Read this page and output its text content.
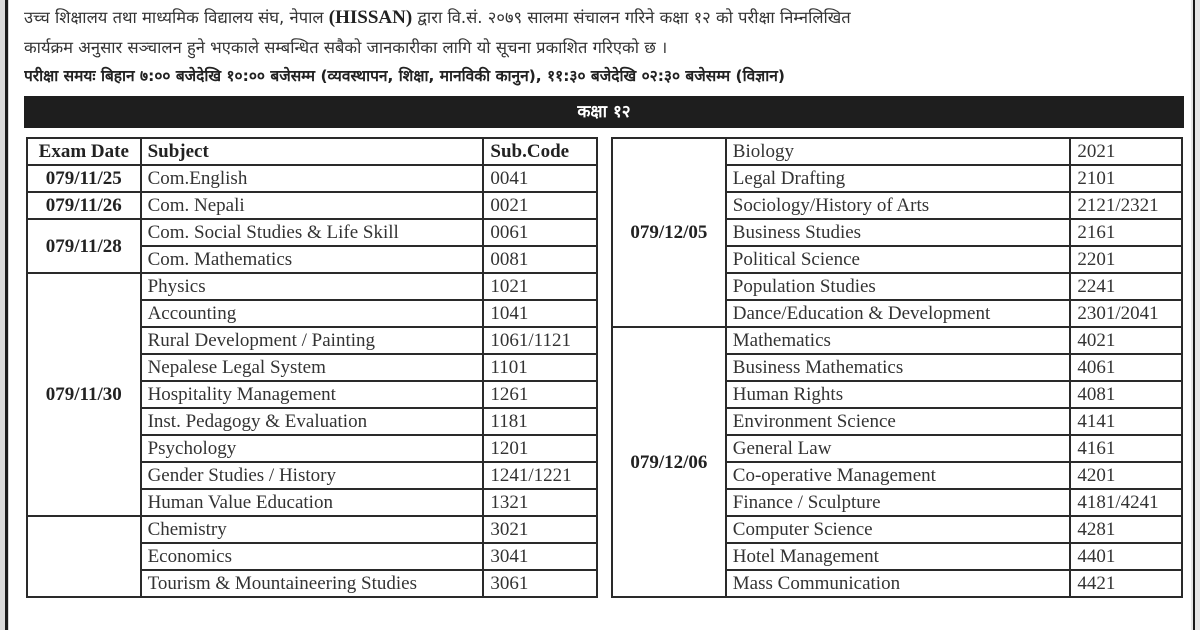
उच्च शिक्षालय तथा माध्यमिक विद्यालय संघ, नेपाल (HISSAN) द्वारा वि.सं. २०७९ सालमा संचालन गरिने कक्षा १२ को परीक्षा निम्नलिखित
कार्यक्रम अनुसार सञ्चालन हुने भएकाले सम्बन्धित सबैको जानकारीका लागि यो सूचना प्रकाशित गरिएको छ ।
परीक्षा समयः बिहान ७:०० बजेदेखि १०:०० बजेसम्म (व्यवस्थापन, शिक्षा, मानविकी कानुन), ११:३० बजेदेखि ०२:३० बजेसम्म (विज्ञान)
कक्षा १२
Exam Date	Subject	Sub.Code
079/11/25	Com.English	0041
079/11/26	Com. Nepali	0021
079/11/28	Com. Social Studies & Life Skill	0061
	Com. Mathematics	0081
079/11/30	Physics	1021
	Accounting	1041
	Rural Development / Painting	1061/1121
	Nepalese Legal System	1101
	Hospitality Management	1261
	Inst. Pedagogy & Evaluation	1181
	Psychology	1201
	Gender Studies / History	1241/1221
	Human Value Education	1321
	Chemistry	3021
	Economics	3041
	Tourism & Mountaineering Studies	3061
079/12/05	Biology	2021
	Legal Drafting	2101
	Sociology/History of Arts	2121/2321
	Business Studies	2161
	Political Science	2201
	Population Studies	2241
	Dance/Education & Development	2301/2041
079/12/06	Mathematics	4021
	Business Mathematics	4061
	Human Rights	4081
	Environment Science	4141
	General Law	4161
	Co-operative Management	4201
	Finance / Sculpture	4181/4241
	Computer Science	4281
	Hotel Management	4401
	Mass Communication	4421
